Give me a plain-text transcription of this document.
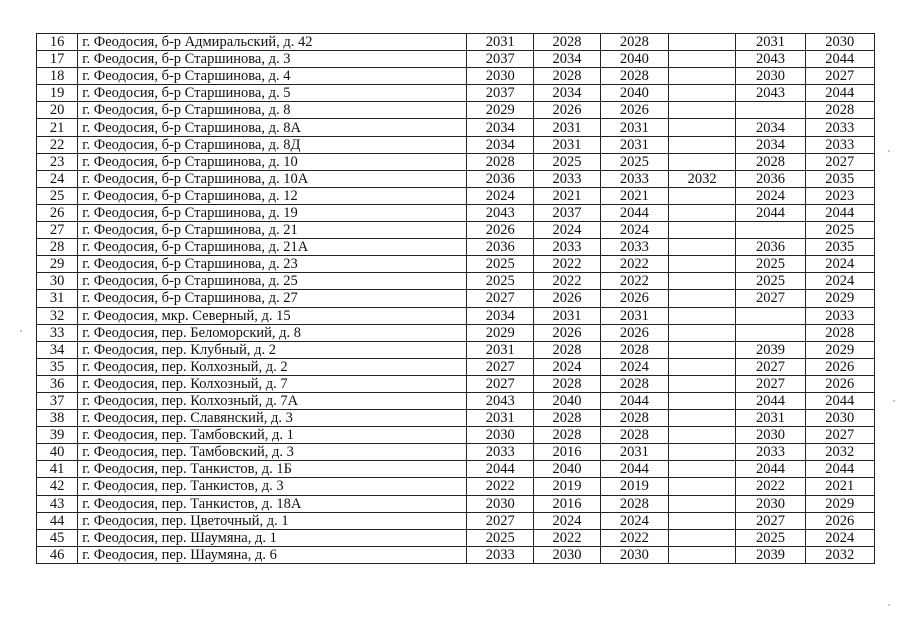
16	г. Феодосия, б-р Адмиральский, д. 42	2031	2028	2028		2031	2030
17	г. Феодосия, б-р Старшинова, д. 3	2037	2034	2040		2043	2044
18	г. Феодосия, б-р Старшинова, д. 4	2030	2028	2028		2030	2027
19	г. Феодосия, б-р Старшинова, д. 5	2037	2034	2040		2043	2044
20	г. Феодосия, б-р Старшинова, д. 8	2029	2026	2026			2028
21	г. Феодосия, б-р Старшинова, д. 8А	2034	2031	2031		2034	2033
22	г. Феодосия, б-р Старшинова, д. 8Д	2034	2031	2031		2034	2033
23	г. Феодосия, б-р Старшинова, д. 10	2028	2025	2025		2028	2027
24	г. Феодосия, б-р Старшинова, д. 10А	2036	2033	2033	2032	2036	2035
25	г. Феодосия, б-р Старшинова, д. 12	2024	2021	2021		2024	2023
26	г. Феодосия, б-р Старшинова, д. 19	2043	2037	2044		2044	2044
27	г. Феодосия, б-р Старшинова, д. 21	2026	2024	2024			2025
28	г. Феодосия, б-р Старшинова, д. 21А	2036	2033	2033		2036	2035
29	г. Феодосия, б-р Старшинова, д. 23	2025	2022	2022		2025	2024
30	г. Феодосия, б-р Старшинова, д. 25	2025	2022	2022		2025	2024
31	г. Феодосия, б-р Старшинова, д. 27	2027	2026	2026		2027	2029
32	г. Феодосия, мкр. Северный, д. 15	2034	2031	2031			2033
33	г. Феодосия, пер. Беломорский, д. 8	2029	2026	2026			2028
34	г. Феодосия, пер. Клубный, д. 2	2031	2028	2028		2039	2029
35	г. Феодосия, пер. Колхозный, д. 2	2027	2024	2024		2027	2026
36	г. Феодосия, пер. Колхозный, д. 7	2027	2028	2028		2027	2026
37	г. Феодосия, пер. Колхозный, д. 7А	2043	2040	2044		2044	2044
38	г. Феодосия, пер. Славянский, д. 3	2031	2028	2028		2031	2030
39	г. Феодосия, пер. Тамбовский, д. 1	2030	2028	2028		2030	2027
40	г. Феодосия, пер. Тамбовский, д. 3	2033	2016	2031		2033	2032
41	г. Феодосия, пер. Танкистов, д. 1Б	2044	2040	2044		2044	2044
42	г. Феодосия, пер. Танкистов, д. 3	2022	2019	2019		2022	2021
43	г. Феодосия, пер. Танкистов, д. 18А	2030	2016	2028		2030	2029
44	г. Феодосия, пер. Цветочный, д. 1	2027	2024	2024		2027	2026
45	г. Феодосия, пер. Шаумяна, д. 1	2025	2022	2022		2025	2024
46	г. Феодосия, пер. Шаумяна, д. 6	2033	2030	2030		2039	2032
